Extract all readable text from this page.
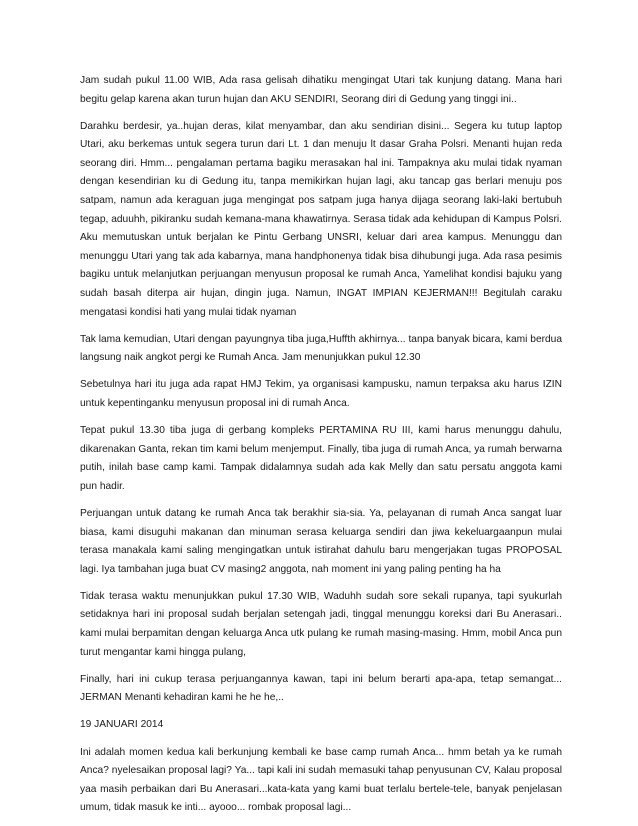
Jam sudah pukul 11.00 WIB, Ada rasa gelisah dihatiku mengingat Utari tak kunjung datang. Mana hari begitu gelap karena akan turun hujan dan AKU SENDIRI, Seorang diri di Gedung yang tinggi ini..

Darahku berdesir, ya..hujan deras, kilat menyambar, dan aku sendirian disini... Segera ku tutup laptop Utari, aku berkemas untuk segera turun dari Lt. 1 dan menuju lt dasar Graha Polsri. Menanti hujan reda seorang diri. Hmm... pengalaman pertama bagiku merasakan hal ini. Tampaknya aku mulai tidak nyaman dengan kesendirian ku di Gedung itu, tanpa memikirkan hujan lagi, aku tancap gas berlari menuju pos satpam, namun ada keraguan juga mengingat pos satpam juga hanya dijaga seorang laki-laki bertubuh tegap, aduuhh, pikiranku sudah kemana-mana khawatirnya. Serasa tidak ada kehidupan di Kampus Polsri. Aku memutuskan untuk berjalan ke Pintu Gerbang UNSRI, keluar dari area kampus. Menunggu dan menunggu Utari yang tak ada kabarnya, mana handphonenya tidak bisa dihubungi juga. Ada rasa pesimis bagiku untuk melanjutkan perjuangan menyusun proposal ke rumah Anca, Yamelihat kondisi bajuku yang sudah basah diterpa air hujan, dingin juga. Namun, INGAT IMPIAN KEJERMAN!!! Begitulah caraku mengatasi kondisi hati yang mulai tidak nyaman

Tak lama kemudian, Utari dengan payungnya tiba juga,Huffth akhirnya... tanpa banyak bicara, kami berdua langsung naik angkot pergi ke Rumah Anca. Jam menunjukkan pukul 12.30

Sebetulnya hari itu juga ada rapat HMJ Tekim, ya organisasi kampusku, namun terpaksa aku harus IZIN untuk kepentinganku menyusun proposal ini di rumah Anca.

Tepat pukul 13.30 tiba juga di gerbang kompleks PERTAMINA RU III, kami harus menunggu dahulu, dikarenakan Ganta, rekan tim kami belum menjemput. Finally, tiba juga di rumah Anca, ya rumah berwarna putih, inilah base camp kami. Tampak didalamnya sudah ada kak Melly dan satu persatu anggota kami pun hadir.

Perjuangan untuk datang ke rumah Anca tak berakhir sia-sia. Ya, pelayanan di rumah Anca sangat luar biasa, kami disuguhi makanan dan minuman serasa keluarga sendiri dan jiwa kekeluargaanpun mulai terasa manakala kami saling mengingatkan untuk istirahat dahulu baru mengerjakan tugas PROPOSAL lagi. Iya tambahan juga buat CV masing2 anggota, nah moment ini yang paling penting ha ha

Tidak terasa waktu menunjukkan pukul 17.30 WIB, Waduhh sudah sore sekali rupanya, tapi syukurlah setidaknya hari ini proposal sudah berjalan setengah jadi, tinggal menunggu koreksi dari Bu Anerasari.. kami mulai berpamitan dengan keluarga Anca utk pulang ke rumah masing-masing. Hmm, mobil Anca pun turut mengantar kami hingga pulang,

Finally, hari ini cukup terasa perjuangannya kawan, tapi ini belum berarti apa-apa, tetap semangat... JERMAN Menanti kehadiran kami he he he,..

19 JANUARI 2014

Ini adalah momen kedua kali berkunjung kembali ke base camp rumah Anca... hmm betah ya ke rumah Anca? nyelesaikan proposal lagi? Ya... tapi kali ini sudah memasuki tahap penyusunan CV, Kalau proposal yaa masih perbaikan dari Bu Anerasari...kata-kata yang kami buat terlalu bertele-tele, banyak penjelasan umum, tidak masuk ke inti... ayooo... rombak proposal lagi...
